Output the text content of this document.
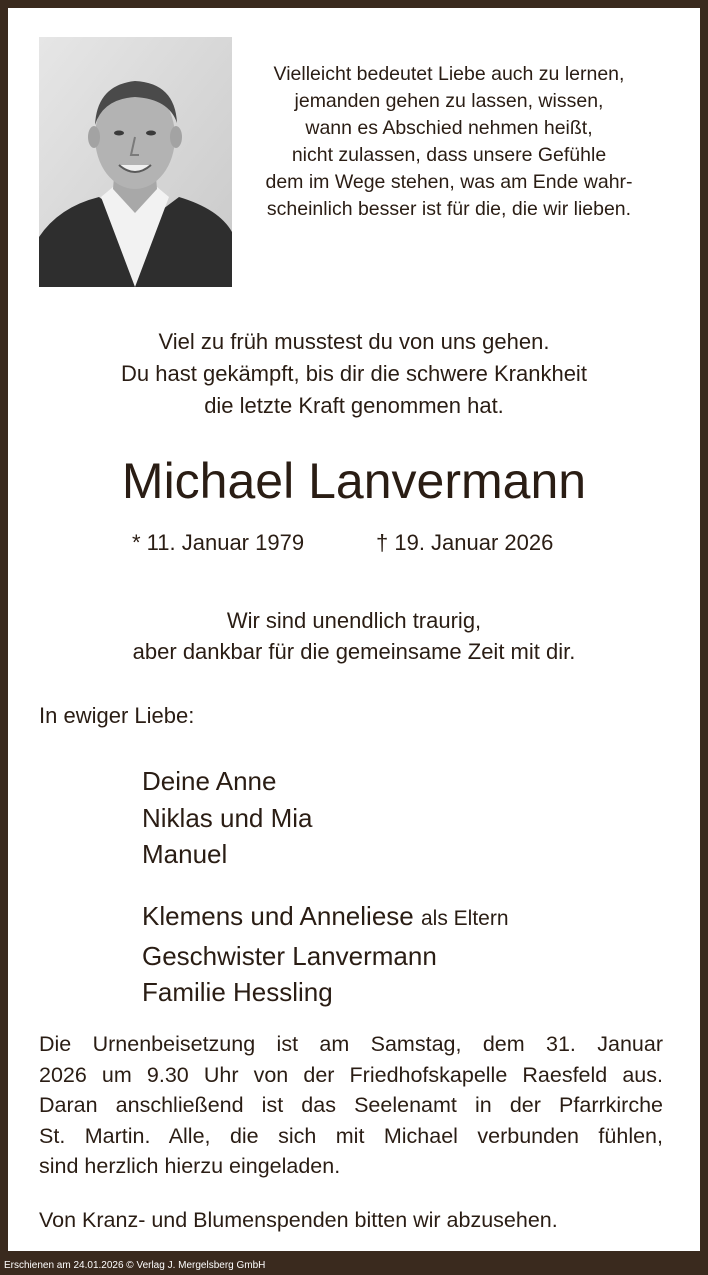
Vielleicht bedeutet Liebe auch zu lernen,
jemanden gehen zu lassen, wissen,
wann es Abschied nehmen heißt,
nicht zulassen, dass unsere Gefühle
dem im Wege stehen, was am Ende wahr-
scheinlich besser ist für die, die wir lieben.
Viel zu früh musstest du von uns gehen.
Du hast gekämpft, bis dir die schwere Krankheit
die letzte Kraft genommen hat.
Michael Lanvermann
* 11. Januar 1979	† 19. Januar 2026
Wir sind unendlich traurig,
aber dankbar für die gemeinsame Zeit mit dir.
In ewiger Liebe:
Deine Anne
Niklas und Mia
Manuel
Klemens und Anneliese als Eltern
Geschwister Lanvermann
Familie Hessling
Die Urnenbeisetzung ist am Samstag, dem 31. Januar
2026 um 9.30 Uhr von der Friedhofskapelle Raesfeld aus.
Daran anschließend ist das Seelenamt in der Pfarrkirche
St. Martin. Alle, die sich mit Michael verbunden fühlen,
sind herzlich hierzu eingeladen.
Von Kranz- und Blumenspenden bitten wir abzusehen.
Erschienen am 24.01.2026 © Verlag J. Mergelsberg GmbH
